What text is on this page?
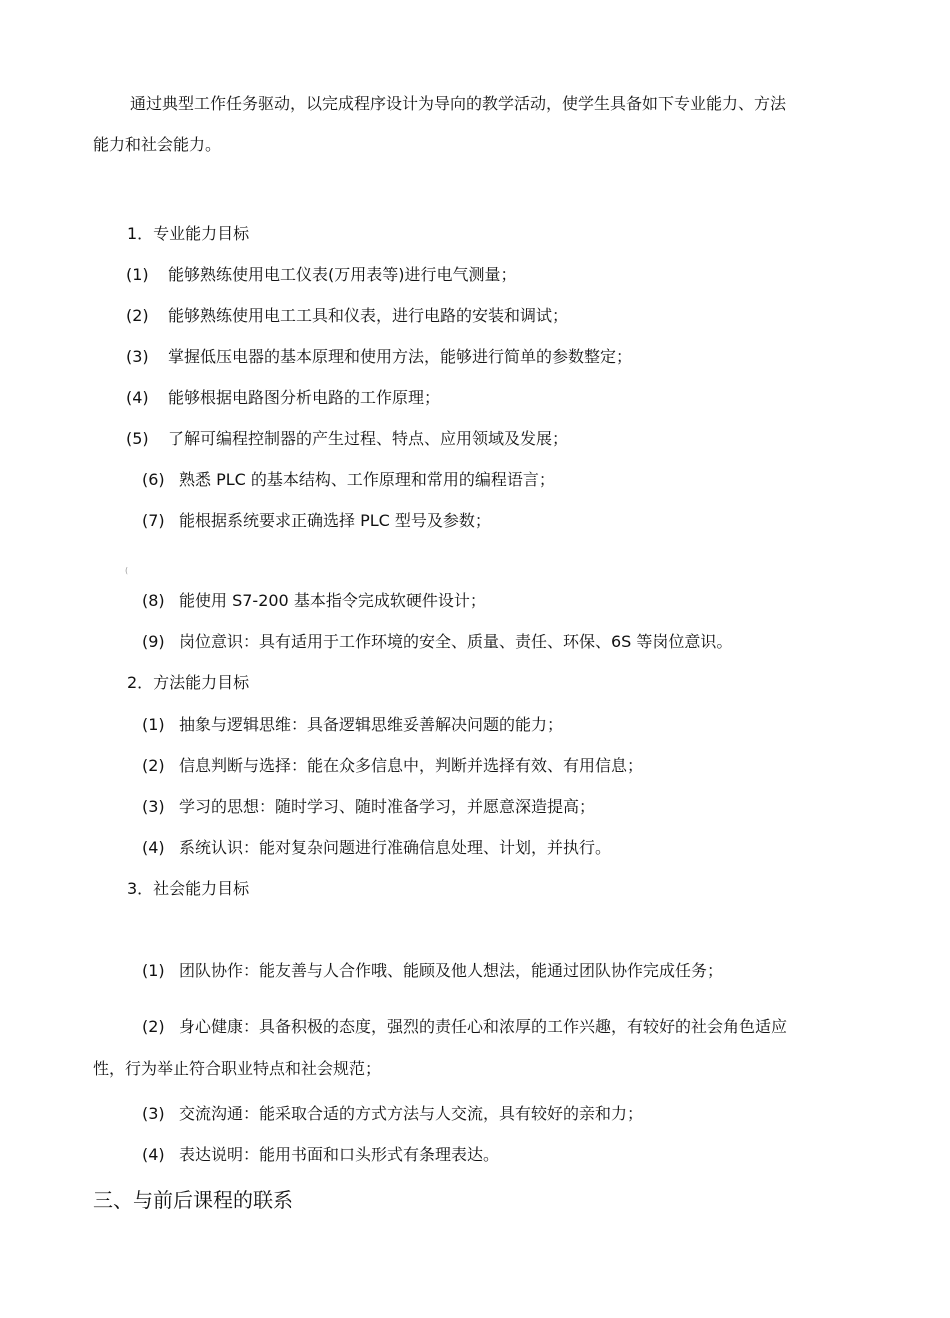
通过典型工作任务驱动，以完成程序设计为导向的教学活动，使学生具备如下专业能力、方法
能力和社会能力。
1．专业能力目标
(1) 能够熟练使用电工仪表(万用表等)进行电气测量；
(2) 能够熟练使用电工工具和仪表，进行电路的安装和调试；
(3) 掌握低压电器的基本原理和使用方法，能够进行简单的参数整定；
(4) 能够根据电路图分析电路的工作原理；
(5) 了解可编程控制器的产生过程、特点、应用领域及发展；
(6) 熟悉 PLC 的基本结构、工作原理和常用的编程语言；
(7) 能根据系统要求正确选择 PLC 型号及参数；
(
(8) 能使用 S7-200 基本指令完成软硬件设计；
(9) 岗位意识：具有适用于工作环境的安全、质量、责任、环保、6S 等岗位意识。
2．方法能力目标
(1) 抽象与逻辑思维：具备逻辑思维妥善解决问题的能力；
(2) 信息判断与选择：能在众多信息中，判断并选择有效、有用信息；
(3) 学习的思想：随时学习、随时准备学习，并愿意深造提高；
(4) 系统认识：能对复杂问题进行准确信息处理、计划，并执行。
3．社会能力目标
(1) 团队协作：能友善与人合作哦、能顾及他人想法，能通过团队协作完成任务；
(2) 身心健康：具备积极的态度，强烈的责任心和浓厚的工作兴趣，有较好的社会角色适应
性，行为举止符合职业特点和社会规范；
(3) 交流沟通：能采取合适的方式方法与人交流，具有较好的亲和力；
(4) 表达说明：能用书面和口头形式有条理表达。
三、与前后课程的联系
